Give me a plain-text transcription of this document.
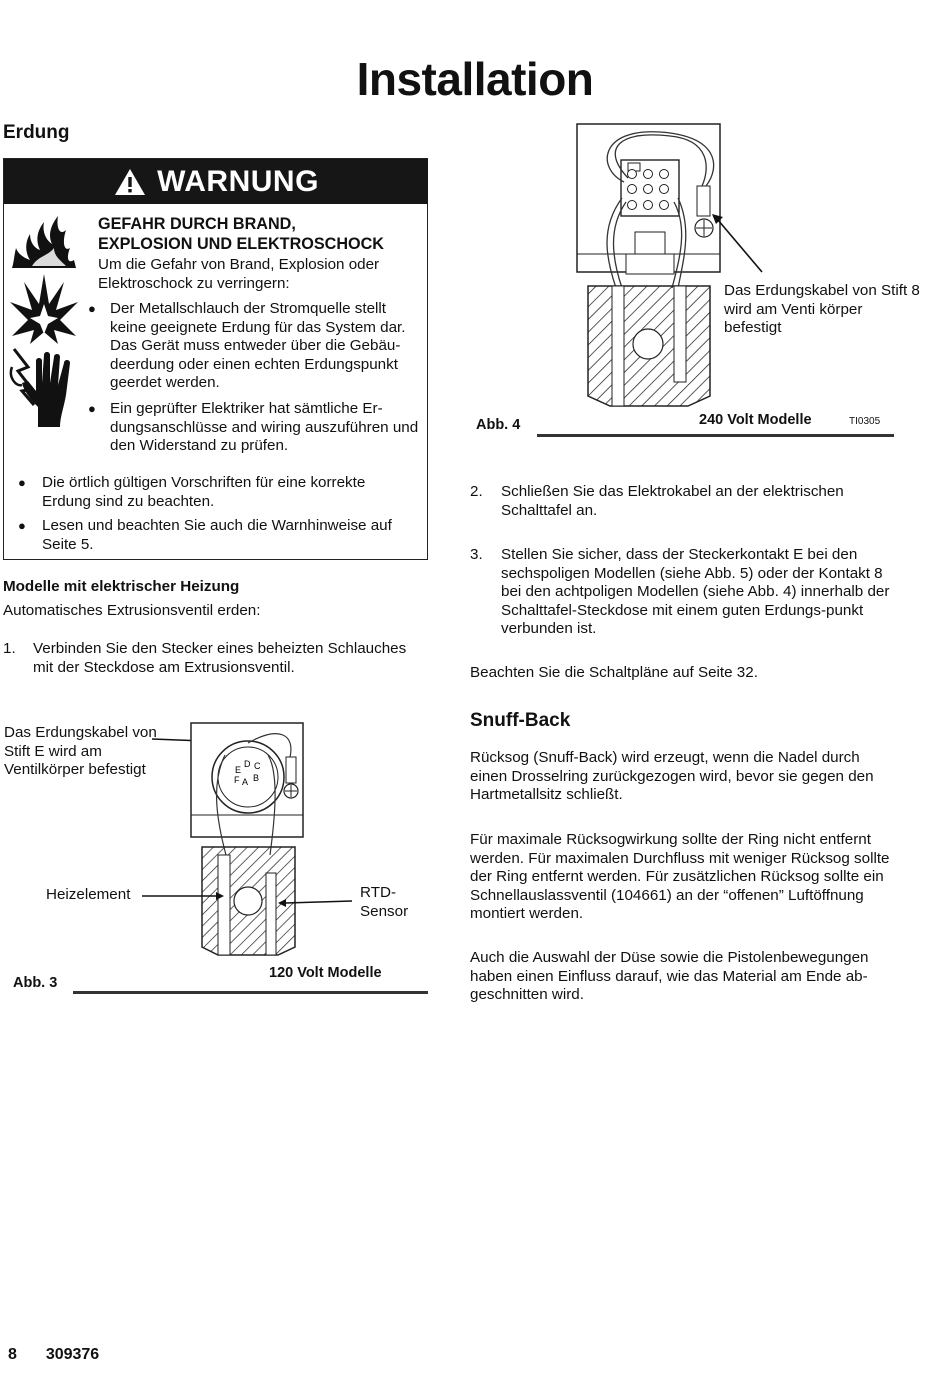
Installation
Erdung
WARNUNG
GEFAHR DURCH BRAND,
EXPLOSION UND ELEKTROSCHOCK
Um die Gefahr von Brand, Explosion oder Elektroschock zu verringern:
● Der Metallschlauch der Stromquelle stellt keine geeignete Erdung für das System dar. Das Gerät muss entweder über die Gebäu-deerdung oder einen echten Erdungspunkt geerdet werden.
● Ein geprüfter Elektriker hat sämtliche Er-dungsanschlüsse and wiring auszuführen und den Widerstand zu prüfen.
●	Die örtlich gültigen Vorschriften für eine korrekte Erdung sind zu beachten.
●	Lesen und beachten Sie auch die Warnhinweise auf Seite 5.
Modelle mit elektrischer Heizung
Automatisches Extrusionsventil erden:
1.	Verbinden Sie den Stecker eines beheizten Schlauches mit der Steckdose am Extrusionsventil.
Das Erdungskabel von Stift E wird am Ventilkörper befestigt
Heizelement	RTD-Sensor
E
D C
F A B
Abb. 3
120 Volt Modelle
Das Erdungskabel von Stift 8 wird am Venti körper befestigt
Abb. 4	240 Volt Modelle	TI0305
2.	Schließen Sie das Elektrokabel an der elektrischen Schalttafel an.
3.	Stellen Sie sicher, dass der Steckerkontakt E bei den sechspoligen Modellen (siehe Abb. 5) oder der Kontakt 8 bei den achtpoligen Modellen (siehe Abb. 4) innerhalb der Schalttafel-Steckdose mit einem guten Erdungs-punkt verbunden ist.
Beachten Sie die Schaltpläne auf Seite 32.
Snuff-Back
Rücksog (Snuff-Back) wird erzeugt, wenn die Nadel durch einen Drosselring zurückgezogen wird, bevor sie gegen den Hartmetallsitz schließt.
Für maximale Rücksogwirkung sollte der Ring nicht entfernt werden. Für maximalen Durchfluss mit weniger Rücksog sollte der Ring entfernt werden. Für zusätzlichen Rücksog sollte ein Schnellauslassventil (104661) an der “offenen” Luftöffnung montiert werden.
Auch die Auswahl der Düse sowie die Pistolenbewegungen haben einen Einfluss darauf, wie das Material am Ende ab-geschnitten wird.
8 309376
